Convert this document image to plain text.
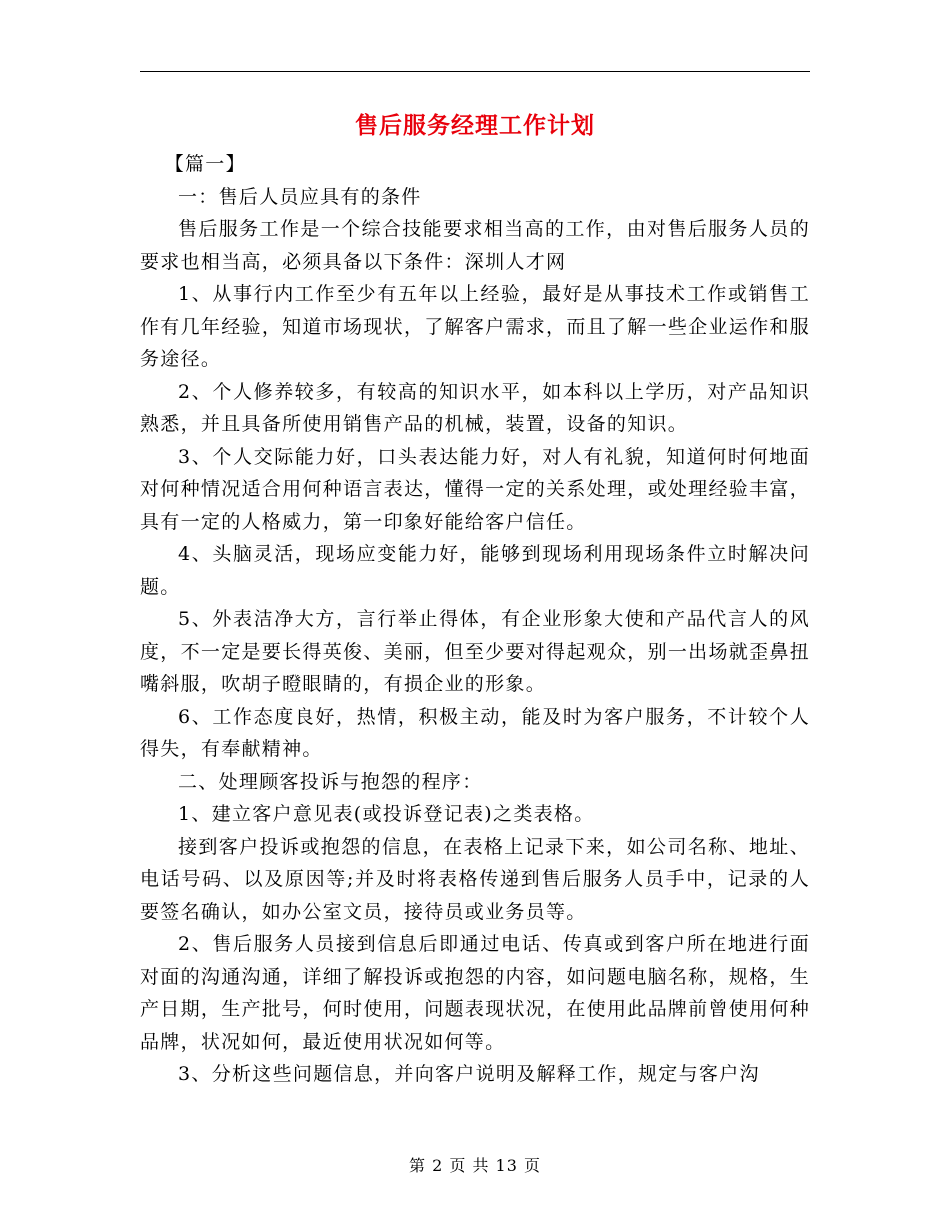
售后服务经理工作计划

【篇一】

一：售后人员应具有的条件

售后服务工作是一个综合技能要求相当高的工作，由对售后服务人员的要求也相当高，必须具备以下条件：深圳人才网

1、从事行内工作至少有五年以上经验，最好是从事技术工作或销售工作有几年经验，知道市场现状，了解客户需求，而且了解一些企业运作和服务途径。

2、个人修养较多，有较高的知识水平，如本科以上学历，对产品知识熟悉，并且具备所使用销售产品的机械，装置，设备的知识。

3、个人交际能力好，口头表达能力好，对人有礼貌，知道何时何地面对何种情况适合用何种语言表达，懂得一定的关系处理，或处理经验丰富，具有一定的人格威力，第一印象好能给客户信任。

4、头脑灵活，现场应变能力好，能够到现场利用现场条件立时解决问题。

5、外表洁净大方，言行举止得体，有企业形象大使和产品代言人的风度，不一定是要长得英俊、美丽，但至少要对得起观众，别一出场就歪鼻扭嘴斜服，吹胡子瞪眼睛的，有损企业的形象。

6、工作态度良好，热情，积极主动，能及时为客户服务，不计较个人得失，有奉献精神。

二、处理顾客投诉与抱怨的程序：

1、建立客户意见表(或投诉登记表)之类表格。

接到客户投诉或抱怨的信息，在表格上记录下来，如公司名称、地址、电话号码、以及原因等;并及时将表格传递到售后服务人员手中，记录的人要签名确认，如办公室文员，接待员或业务员等。

2、售后服务人员接到信息后即通过电话、传真或到客户所在地进行面对面的沟通沟通，详细了解投诉或抱怨的内容，如问题电脑名称，规格，生产日期，生产批号，何时使用，问题表现状况，在使用此品牌前曾使用何种品牌，状况如何，最近使用状况如何等。

3、分析这些问题信息，并向客户说明及解释工作，规定与客户沟

第 2 页 共 13 页
